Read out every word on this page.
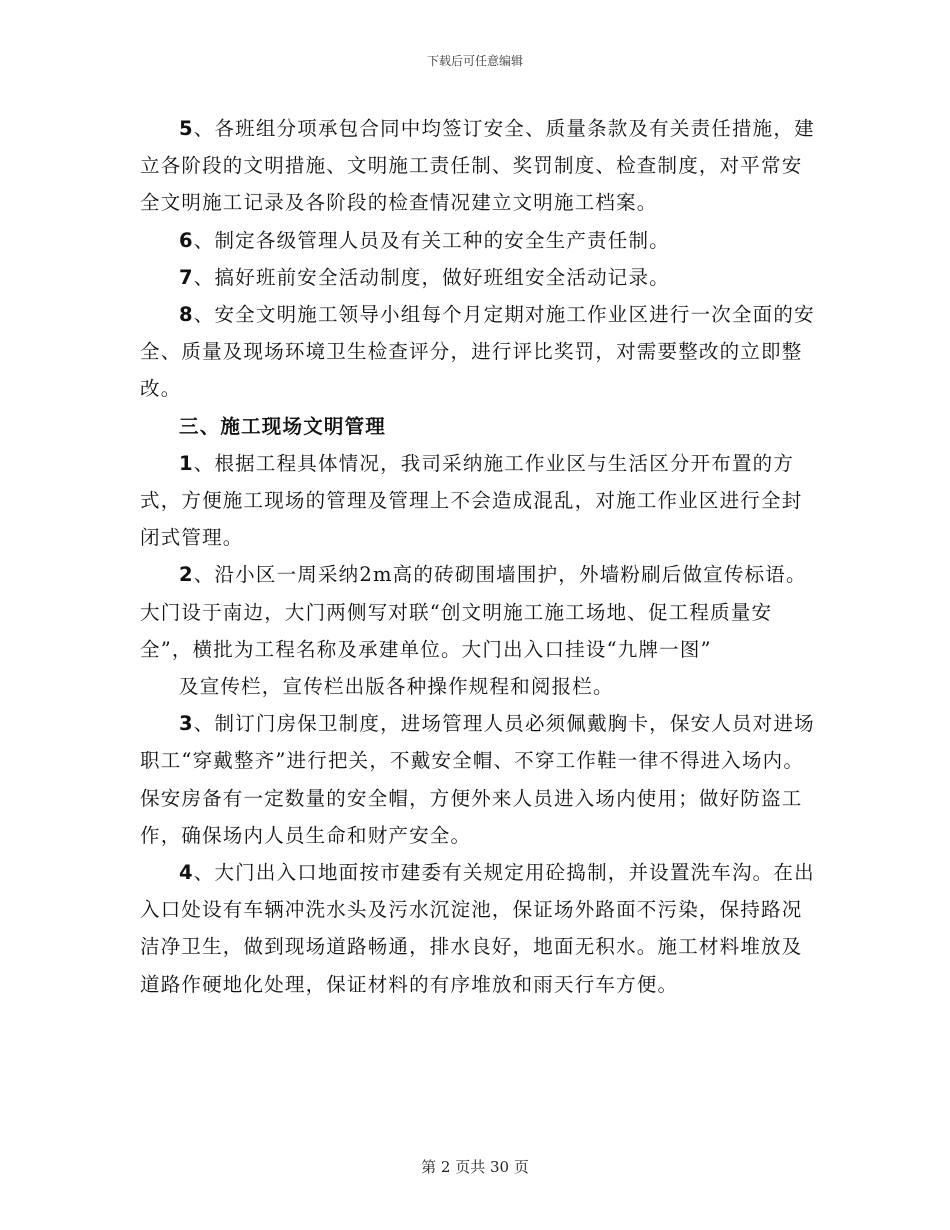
下载后可任意编辑

5、各班组分项承包合同中均签订安全、质量条款及有关责任措施，建立各阶段的文明措施、文明施工责任制、奖罚制度、检查制度，对平常安全文明施工记录及各阶段的检查情况建立文明施工档案。

6、制定各级管理人员及有关工种的安全生产责任制。

7、搞好班前安全活动制度，做好班组安全活动记录。

8、安全文明施工领导小组每个月定期对施工作业区进行一次全面的安全、质量及现场环境卫生检查评分，进行评比奖罚，对需要整改的立即整改。

三、施工现场文明管理

1、根据工程具体情况，我司采纳施工作业区与生活区分开布置的方式，方便施工现场的管理及管理上不会造成混乱，对施工作业区进行全封闭式管理。

2、沿小区一周采纳2m高的砖砌围墙围护，外墙粉刷后做宣传标语。大门设于南边，大门两侧写对联“创文明施工施工场地、促工程质量安全”，横批为工程名称及承建单位。大门出入口挂设“九牌一图”

及宣传栏，宣传栏出版各种操作规程和阅报栏。

3、制订门房保卫制度，进场管理人员必须佩戴胸卡，保安人员对进场职工“穿戴整齐”进行把关，不戴安全帽、不穿工作鞋一律不得进入场内。保安房备有一定数量的安全帽，方便外来人员进入场内使用；做好防盗工作，确保场内人员生命和财产安全。

4、大门出入口地面按市建委有关规定用砼捣制，并设置洗车沟。在出入口处设有车辆冲洗水头及污水沉淀池，保证场外路面不污染，保持路况洁净卫生，做到现场道路畅通，排水良好，地面无积水。施工材料堆放及道路作硬地化处理，保证材料的有序堆放和雨天行车方便。

第 2 页共 30 页
